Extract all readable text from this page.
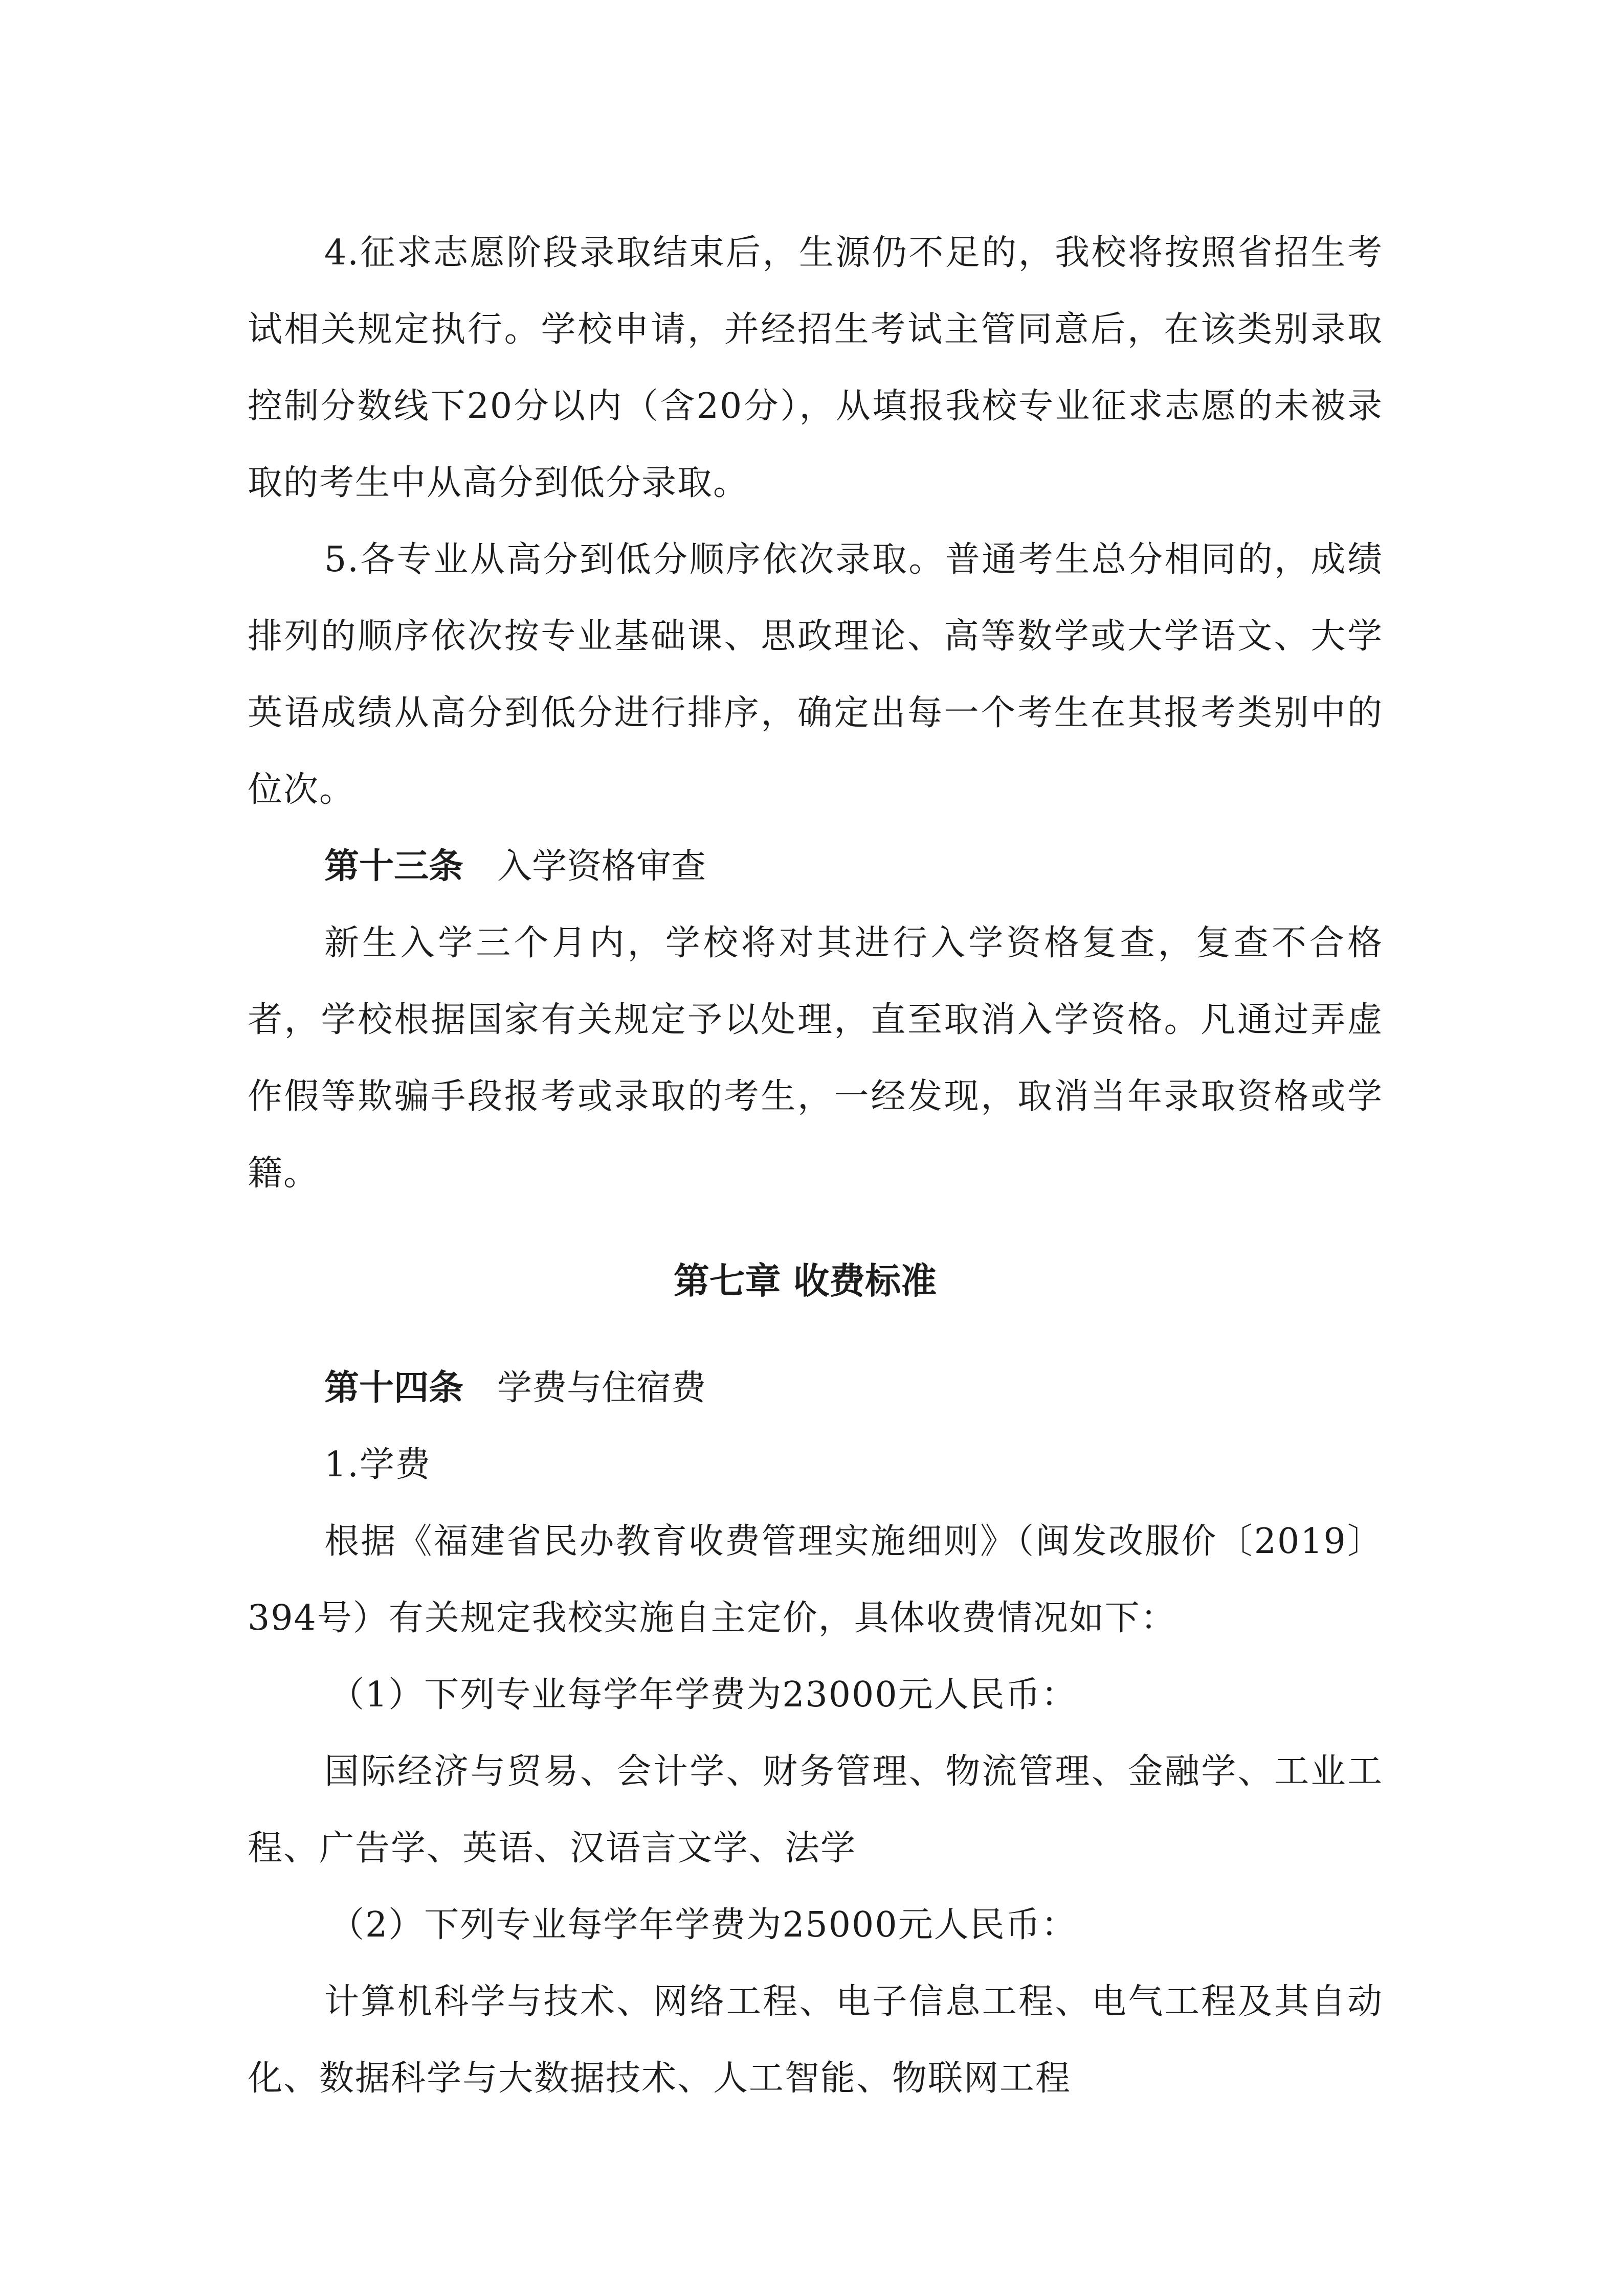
4.征求志愿阶段录取结束后，生源仍不足的，我校将按照省招生考试相关规定执行。学校申请，并经招生考试主管同意后，在该类别录取控制分数线下20分以内（含20分），从填报我校专业征求志愿的未被录取的考生中从高分到低分录取。

5.各专业从高分到低分顺序依次录取。普通考生总分相同的，成绩排列的顺序依次按专业基础课、思政理论、高等数学或大学语文、大学英语成绩从高分到低分进行排序，确定出每一个考生在其报考类别中的位次。

第十三条 入学资格审查

新生入学三个月内，学校将对其进行入学资格复查，复查不合格者，学校根据国家有关规定予以处理，直至取消入学资格。凡通过弄虚作假等欺骗手段报考或录取的考生，一经发现，取消当年录取资格或学籍。

第七章 收费标准

第十四条 学费与住宿费

1.学费

根据《福建省民办教育收费管理实施细则》（闽发改服价〔2019〕394号）有关规定我校实施自主定价，具体收费情况如下：

（1）下列专业每学年学费为23000元人民币：

国际经济与贸易、会计学、财务管理、物流管理、金融学、工业工程、广告学、英语、汉语言文学、法学

（2）下列专业每学年学费为25000元人民币：

计算机科学与技术、网络工程、电子信息工程、电气工程及其自动化、数据科学与大数据技术、人工智能、物联网工程
